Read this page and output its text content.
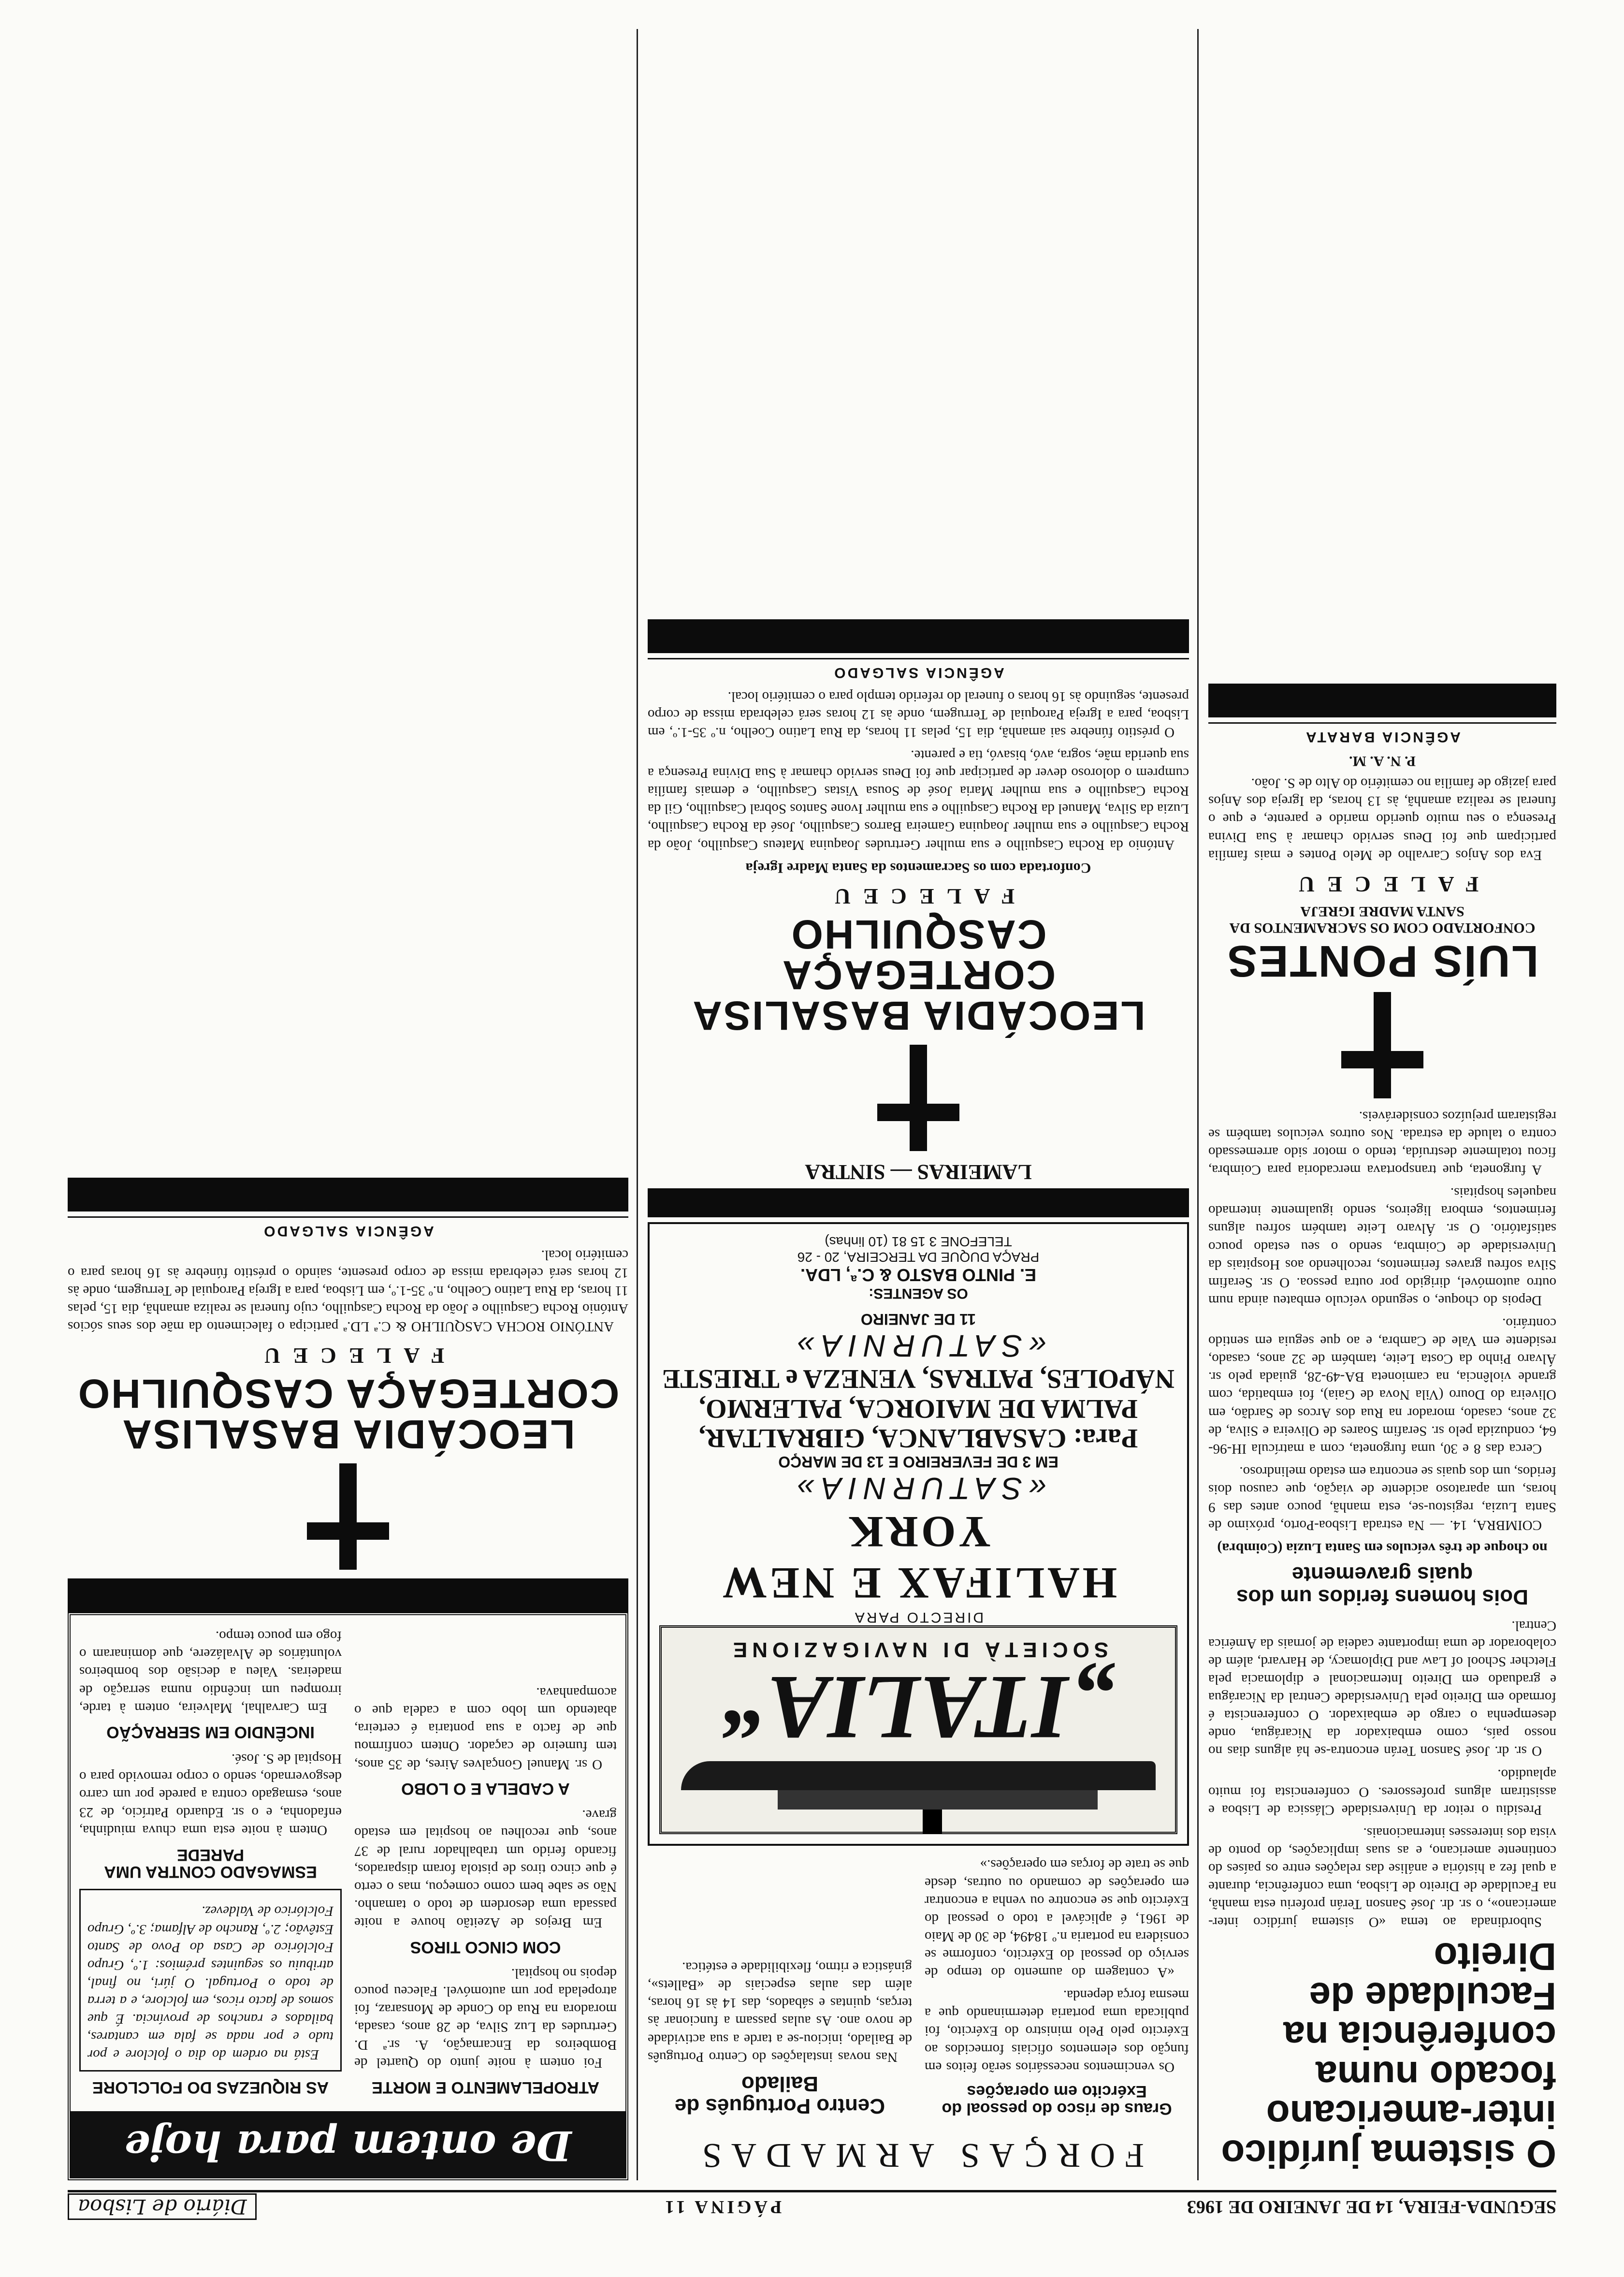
SEGUNDA-FEIRA, 14 DE JANEIRO DE 1963
PÁGINA 11
Diário de Lisboa
O sistema jurídico inter-americano focado numa conferência na Faculdade de Direito

Subordinada ao tema «O sistema jurídico inter-americano», o sr. dr. José Sanson Terán proferiu esta manhã, na Faculdade de Direito de Lisboa, uma conferência, durante a qual fez a história e análise das relações entre os países do continente americano, e as suas implicações, do ponto de vista dos interesses internacionais.

Presidiu o reitor da Universidade Clássica de Lisboa e assistiram alguns professores. O conferencista foi muito aplaudido.

O sr. dr. José Sanson Terán encontra-se há alguns dias no nosso país, como embaixador da Nicarágua, onde desempenha o cargo de embaixador. O conferencista é formado em Direito pela Universidade Central da Nicarágua e graduado em Direito Internacional e diplomacia pela Fletcher School of Law and Diplomacy, de Harvard, além de colaborador de uma importante cadeia de jornais da América Central.

Dois homens feridos um dos quais gravemente
no choque de três veículos em Santa Luzia (Coimbra)

COIMBRA, 14. — Na estrada Lisboa-Porto, próximo de Santa Luzia, registou-se, esta manhã, pouco antes das 9 horas, um aparatoso acidente de viação, que causou dois feridos, um dos quais se encontra em estado melindroso.

Cerca das 8 e 30, uma furgoneta, com a matrícula IH-96-64, conduzida pelo sr. Serafim Soares de Oliveira e Silva, de 32 anos, casado, morador na Rua dos Arcos de Sardão, em Oliveira do Douro (Vila Nova de Gaia), foi embatida, com grande violência, na camioneta BA-49-28, guiada pelo sr. Álvaro Pinho da Costa Leite, também de 32 anos, casado, residente em Vale de Cambra, e ao que seguia em sentido contrário.

Depois do choque, o segundo veículo embateu ainda num outro automóvel, dirigido por outra pessoa. O sr. Serafim Silva sofreu graves ferimentos, recolhendo aos Hospitais da Universidade de Coimbra, sendo o seu estado pouco satisfatório. O sr. Álvaro Leite também sofreu alguns ferimentos, embora ligeiros, sendo igualmente internado naqueles hospitais.

A furgoneta, que transportava mercadoria para Coimbra, ficou totalmente destruída, tendo o motor sido arremessado contra o talude da estrada. Nos outros veículos também se registaram prejuízos consideráveis.

LUÍS PONTES
CONFORTADO COM OS SACRAMENTOS DA SANTA MADRE IGREJA
FALECEU

Eva dos Anjos Carvalho de Melo Pontes e mais família participam que foi Deus servido chamar à Sua Divina Presença o seu muito querido marido e parente, e que o funeral se realiza amanhã, às 13 horas, da Igreja dos Anjos para jazigo de família no cemitério do Alto de S. João.

P. N. A. M.
AGÊNCIA BARATA
FORÇAS ARMADAS
Graus de risco do pessoal do Exército em operações

Os vencimentos necessários serão feitos em função dos elementos oficiais fornecidos ao Exército pelo Pelo ministro do Exército, foi publicada uma portaria determinando que a mesma força dependa.

«A contagem do aumento do tempo de serviço do pessoal do Exército, conforme se considera na portaria n.º 18494, de 30 de Maio de 1961, é aplicável a todo o pessoal do Exército que se encontre ou venha a encontrar em operações de comando ou outras, desde que se trate de forças em operações.»

Centro Português de Bailado

Nas novas instalações do Centro Português de Bailado, iniciou-se a tarde a sua actividade de novo ano. As aulas passam a funcionar às terças, quintas e sábados, das 14 às 16 horas, além das aulas especiais de «Ballets», ginástica e ritmo, flexibilidade e estética.

„ITALIA“
SOCIETÀ DI NAVIGAZIONE
DIRECTO PARA
HALIFAX E NEW YORK
«SATURNIA»
EM 3 DE FEVEREIRO E 13 DE MARÇO
Para: CASABLANCA, GIBRALTAR, PALMA DE MAIORCA, PALERMO, NÁPOLES, PATRAS, VENEZA e TRIESTE
«SATURNIA»
11 DE JANEIRO
OS AGENTES:
E. PINTO BASTO & C.ª, LDA.
PRAÇA DUQUE DA TERCEIRA, 20 - 26
TELEFONE 3 15 81 (10 linhas)
LAMEIRAS — SINTRA
LEOCÁDIA BASALISA CORTEGAÇA CASQUILHO
FALECEU
Confortada com os Sacramentos da Santa Madre Igreja

António da Rocha Casquilho e sua mulher Gertrudes Joaquina Mateus Casquilho, João da Rocha Casquilho e sua mulher Joaquina Gameira Barros Casquilho, José da Rocha Casquilho, Luzia da Silva, Manuel da Rocha Casquilho e sua mulher Ivone Santos Sobral Casquilho, Gil da Rocha Casquilho e sua mulher Maria José de Sousa Vistas Casquilho, e demais família cumprem o doloroso dever de participar que foi Deus servido chamar à Sua Divina Presença a sua querida mãe, sogra, avó, bisavó, tia e parente.

O préstito fúnebre sai amanhã, dia 15, pelas 11 horas, da Rua Latino Coelho, n.º 35-1.º, em Lisboa, para a Igreja Paroquial de Terrugem, onde às 12 horas será celebrada missa de corpo presente, seguindo às 16 horas o funeral do referido templo para o cemitério local.

AGÊNCIA SALGADO
De ontem para hoje
ATROPELAMENTO E MORTE

Foi ontem à noite junto do Quartel de Bombeiros da Encarnação, A. sr.ª D. Gertrudes da Luz Silva, de 28 anos, casada, moradora na Rua do Conde de Monsaraz, foi atropelada por um automóvel. Faleceu pouco depois no hospital.

COM CINCO TIROS

Em Brejos de Azeitão houve a noite passada uma desordem de todo o tamanho. Não se sabe bem como começou, mas o certo é que cinco tiros de pistola foram disparados, ficando ferido um trabalhador rural de 37 anos, que recolheu ao hospital em estado grave.

A CADELA E O LOBO

O sr. Manuel Gonçalves Aires, de 35 anos, tem fumeiro de caçador. Ontem confirmou que de facto a sua pontaria é certeira, abatendo um lobo com a cadela que o acompanhava.

AS RIQUEZAS DO FOLCLORE

Está na ordem do dia o folclore e por tudo e por nada se fala em cantares, bailados e ranchos de província. É que somos de facto ricos, em folclore, e a terra de todo o Portugal. O júri, no final, atribuiu os seguintes prémios: 1.º, Grupo Folclórico de Casa do Povo de Santo Estêvão; 2.º, Rancho de Alfama; 3.º, Grupo Folclórico de Valdevez.

ESMAGADO CONTRA UMA PAREDE

Ontem à noite esta uma chuva miudinha, enfadonha, e o sr. Eduardo Patrício, de 23 anos, esmagado contra a parede por um carro desgovernado, sendo o corpo removido para o Hospital de S. José.

INCÊNDIO EM SERRAÇÃO

Em Carvalhal, Malveira, ontem à tarde, irrompeu um incêndio numa serração de madeiras. Valeu a decisão dos bombeiros voluntários de Alvalázere, que dominaram o fogo em pouco tempo.

LEOCÁDIA BASALISA CORTEGAÇA CASQUILHO
FALECEU

ANTÓNIO ROCHA CASQUILHO & C.ª LD.ª participa o falecimento da mãe dos seus sócios António Rocha Casquilho e João da Rocha Casquilho, cujo funeral se realiza amanhã, dia 15, pelas 11 horas, da Rua Latino Coelho, n.º 35-1.º, em Lisboa, para a Igreja Paroquial de Terrugem, onde às 12 horas será celebrada missa de corpo presente, saindo o préstito fúnebre às 16 horas para o cemitério local.

AGÊNCIA SALGADO
